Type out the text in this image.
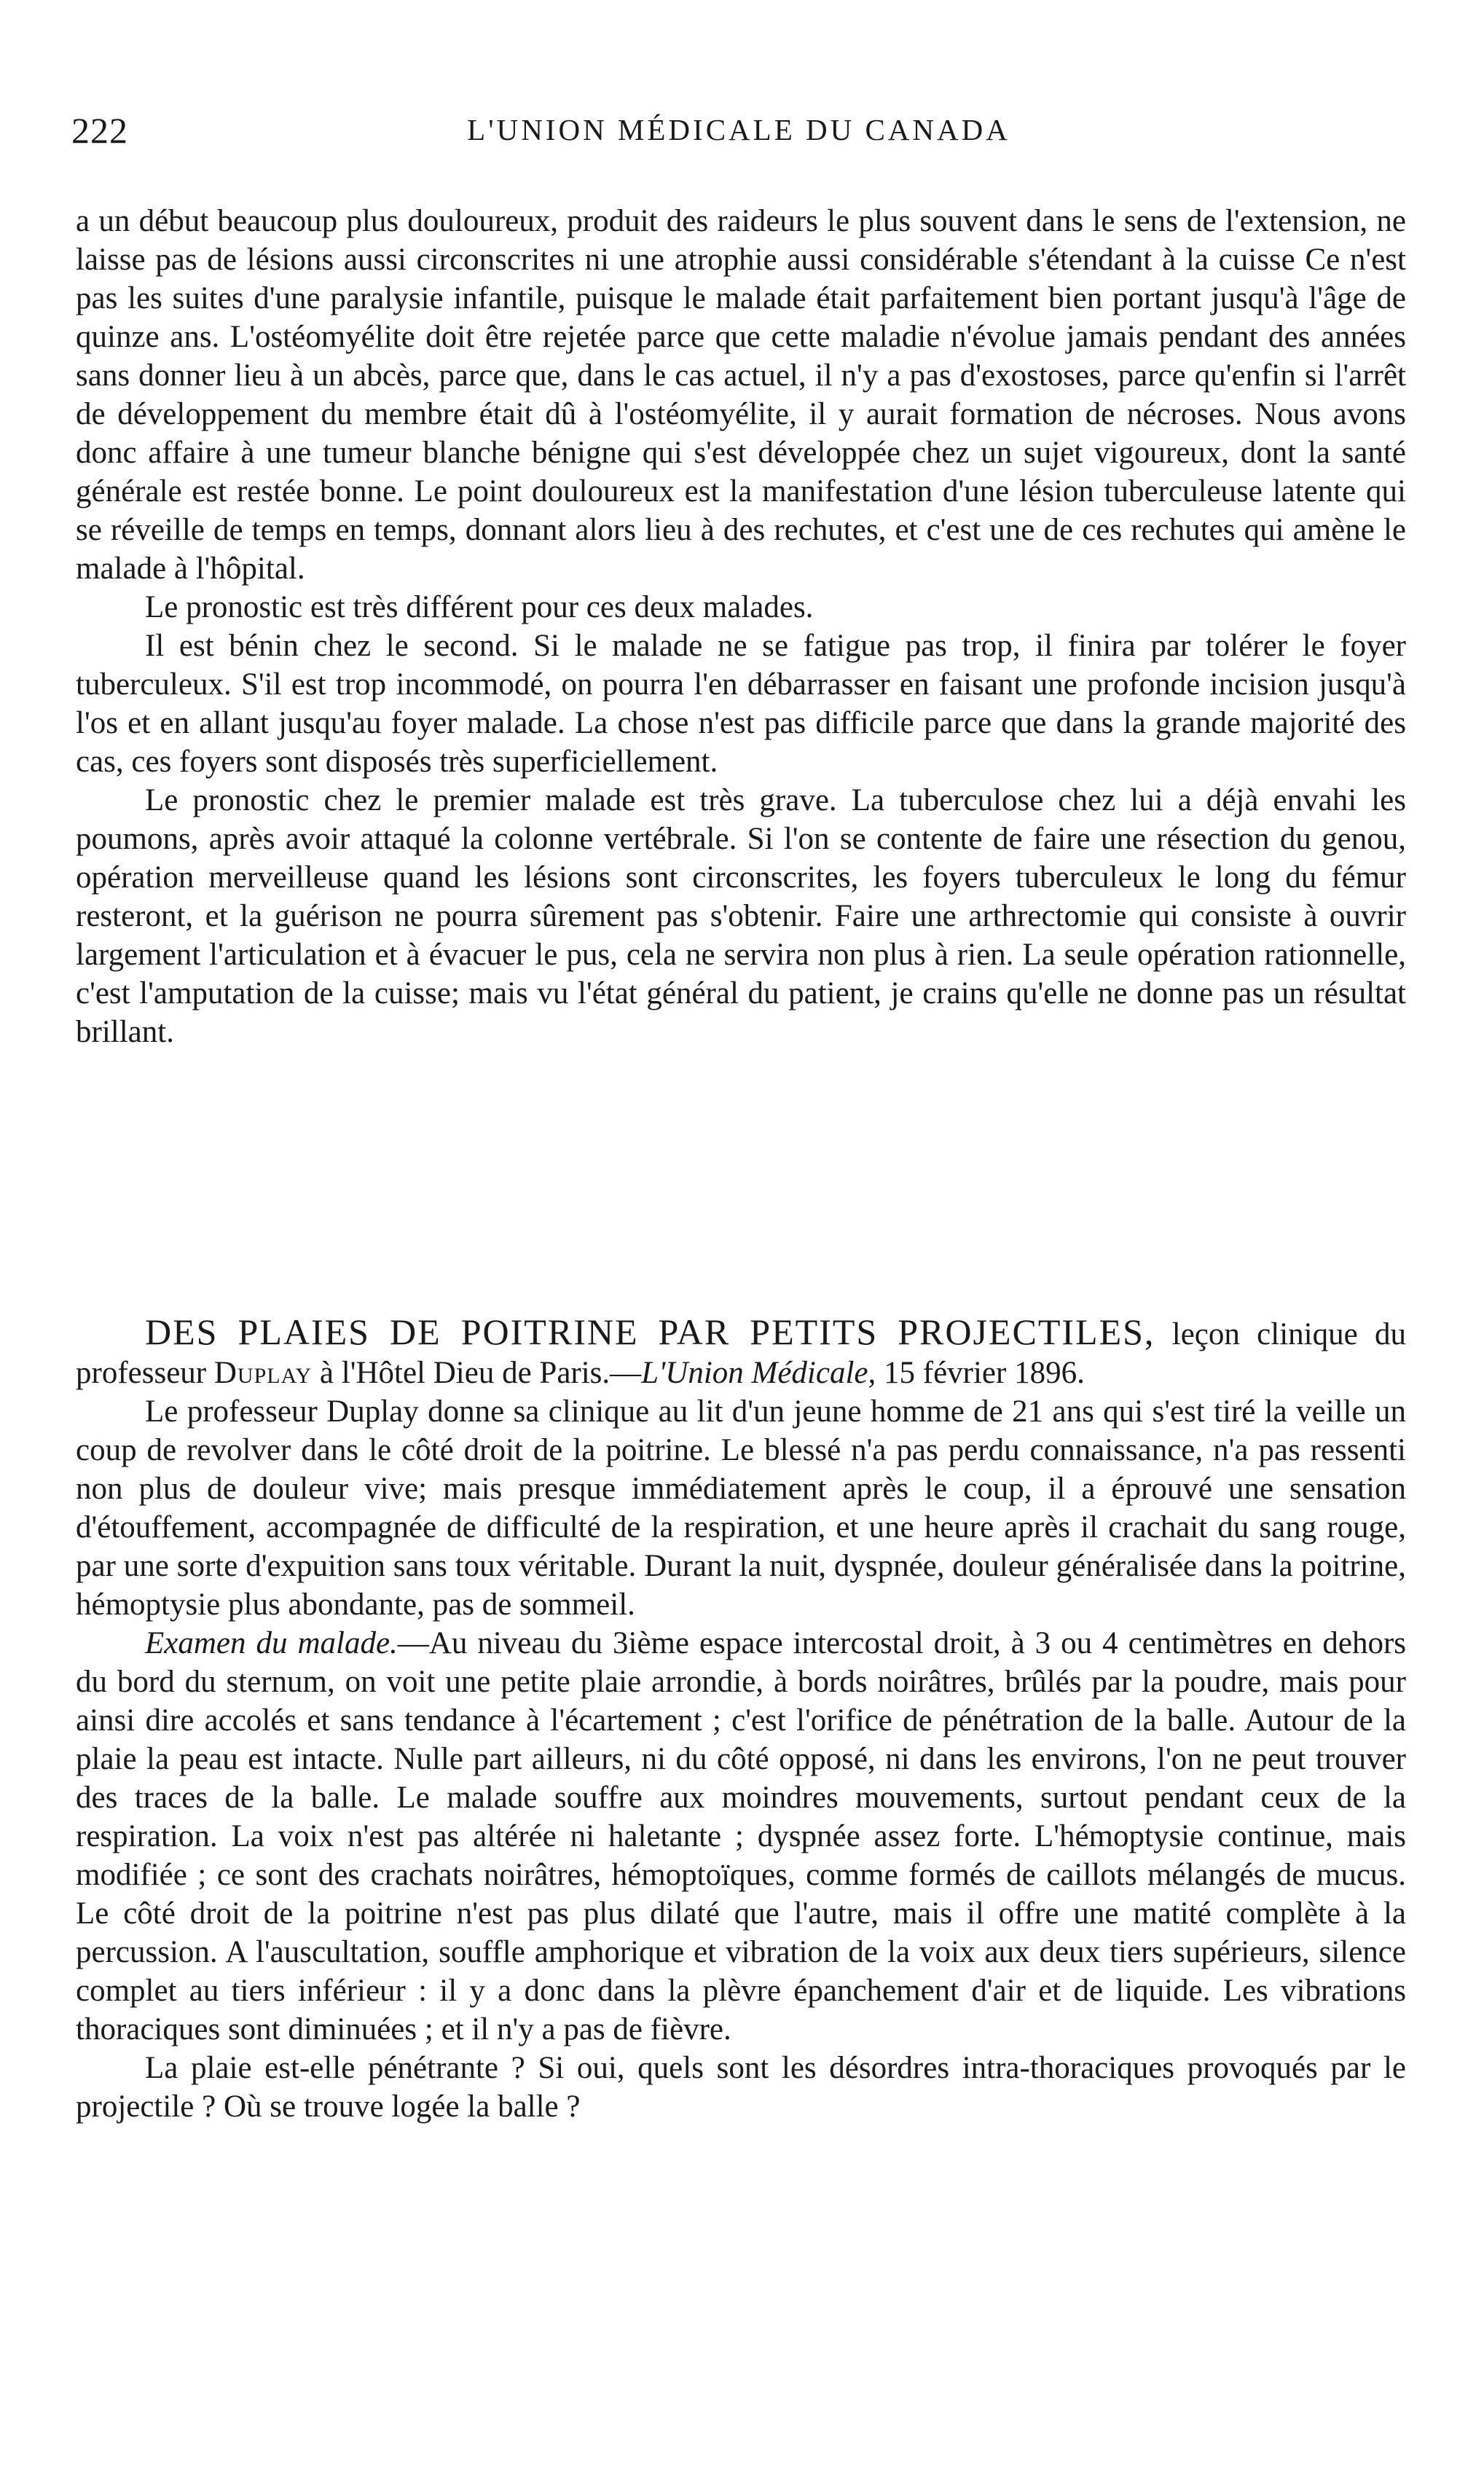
222	L'UNION MÉDICALE DU CANADA

a un début beaucoup plus douloureux, produit des raideurs le plus souvent dans le sens de l'extension, ne laisse pas de lésions aussi circonscrites ni une atrophie aussi considérable s'étendant à la cuisse Ce n'est pas les suites d'une paralysie infantile, puisque le malade était parfaitement bien portant jusqu'à l'âge de quinze ans. L'ostéomyélite doit être rejetée parce que cette maladie n'évolue jamais pendant des années sans donner lieu à un abcès, parce que, dans le cas actuel, il n'y a pas d'exostoses, parce qu'enfin si l'arrêt de développement du membre était dû à l'ostéomyélite, il y aurait formation de nécroses. Nous avons donc affaire à une tumeur blanche bénigne qui s'est développée chez un sujet vigoureux, dont la santé générale est restée bonne. Le point douloureux est la manifestation d'une lésion tuberculeuse latente qui se réveille de temps en temps, donnant alors lieu à des rechutes, et c'est une de ces rechutes qui amène le malade à l'hôpital.

Le pronostic est très différent pour ces deux malades.

Il est bénin chez le second. Si le malade ne se fatigue pas trop, il finira par tolérer le foyer tuberculeux. S'il est trop incommodé, on pourra l'en débarrasser en faisant une profonde incision jusqu'à l'os et en allant jusqu'au foyer malade. La chose n'est pas difficile parce que dans la grande majorité des cas, ces foyers sont disposés très superficiellement.

Le pronostic chez le premier malade est très grave. La tuberculose chez lui a déjà envahi les poumons, après avoir attaqué la colonne vertébrale. Si l'on se contente de faire une résection du genou, opération merveilleuse quand les lésions sont circonscrites, les foyers tuberculeux le long du fémur resteront, et la guérison ne pourra sûrement pas s'obtenir. Faire une arthrectomie qui consiste à ouvrir largement l'articulation et à évacuer le pus, cela ne servira non plus à rien. La seule opération rationnelle, c'est l'amputation de la cuisse; mais vu l'état général du patient, je crains qu'elle ne donne pas un résultat brillant.

DES PLAIES DE POITRINE PAR PETITS PROJECTILES, leçon clinique du professeur Duplay à l'Hôtel Dieu de Paris.—L'Union Médicale, 15 février 1896.

Le professeur Duplay donne sa clinique au lit d'un jeune homme de 21 ans qui s'est tiré la veille un coup de revolver dans le côté droit de la poitrine. Le blessé n'a pas perdu connaissance, n'a pas ressenti non plus de douleur vive; mais presque immédiatement après le coup, il a éprouvé une sensation d'étouffement, accompagnée de difficulté de la respiration, et une heure après il crachait du sang rouge, par une sorte d'expuition sans toux véritable. Durant la nuit, dyspnée, douleur généralisée dans la poitrine, hémoptysie plus abondante, pas de sommeil.

Examen du malade.—Au niveau du 3ième espace intercostal droit, à 3 ou 4 centimètres en dehors du bord du sternum, on voit une petite plaie arrondie, à bords noirâtres, brûlés par la poudre, mais pour ainsi dire accolés et sans tendance à l'écartement ; c'est l'orifice de pénétration de la balle. Autour de la plaie la peau est intacte. Nulle part ailleurs, ni du côté opposé, ni dans les environs, l'on ne peut trouver des traces de la balle. Le malade souffre aux moindres mouvements, surtout pendant ceux de la respiration. La voix n'est pas altérée ni haletante ; dyspnée assez forte. L'hémoptysie continue, mais modifiée ; ce sont des crachats noirâtres, hémoptoïques, comme formés de caillots mélangés de mucus. Le côté droit de la poitrine n'est pas plus dilaté que l'autre, mais il offre une matité complète à la percussion. A l'auscultation, souffle amphorique et vibration de la voix aux deux tiers supérieurs, silence complet au tiers inférieur : il y a donc dans la plèvre épanchement d'air et de liquide. Les vibrations thoraciques sont diminuées ; et il n'y a pas de fièvre.

La plaie est-elle pénétrante ? Si oui, quels sont les désordres intra-thoraciques provoqués par le projectile ? Où se trouve logée la balle ?
